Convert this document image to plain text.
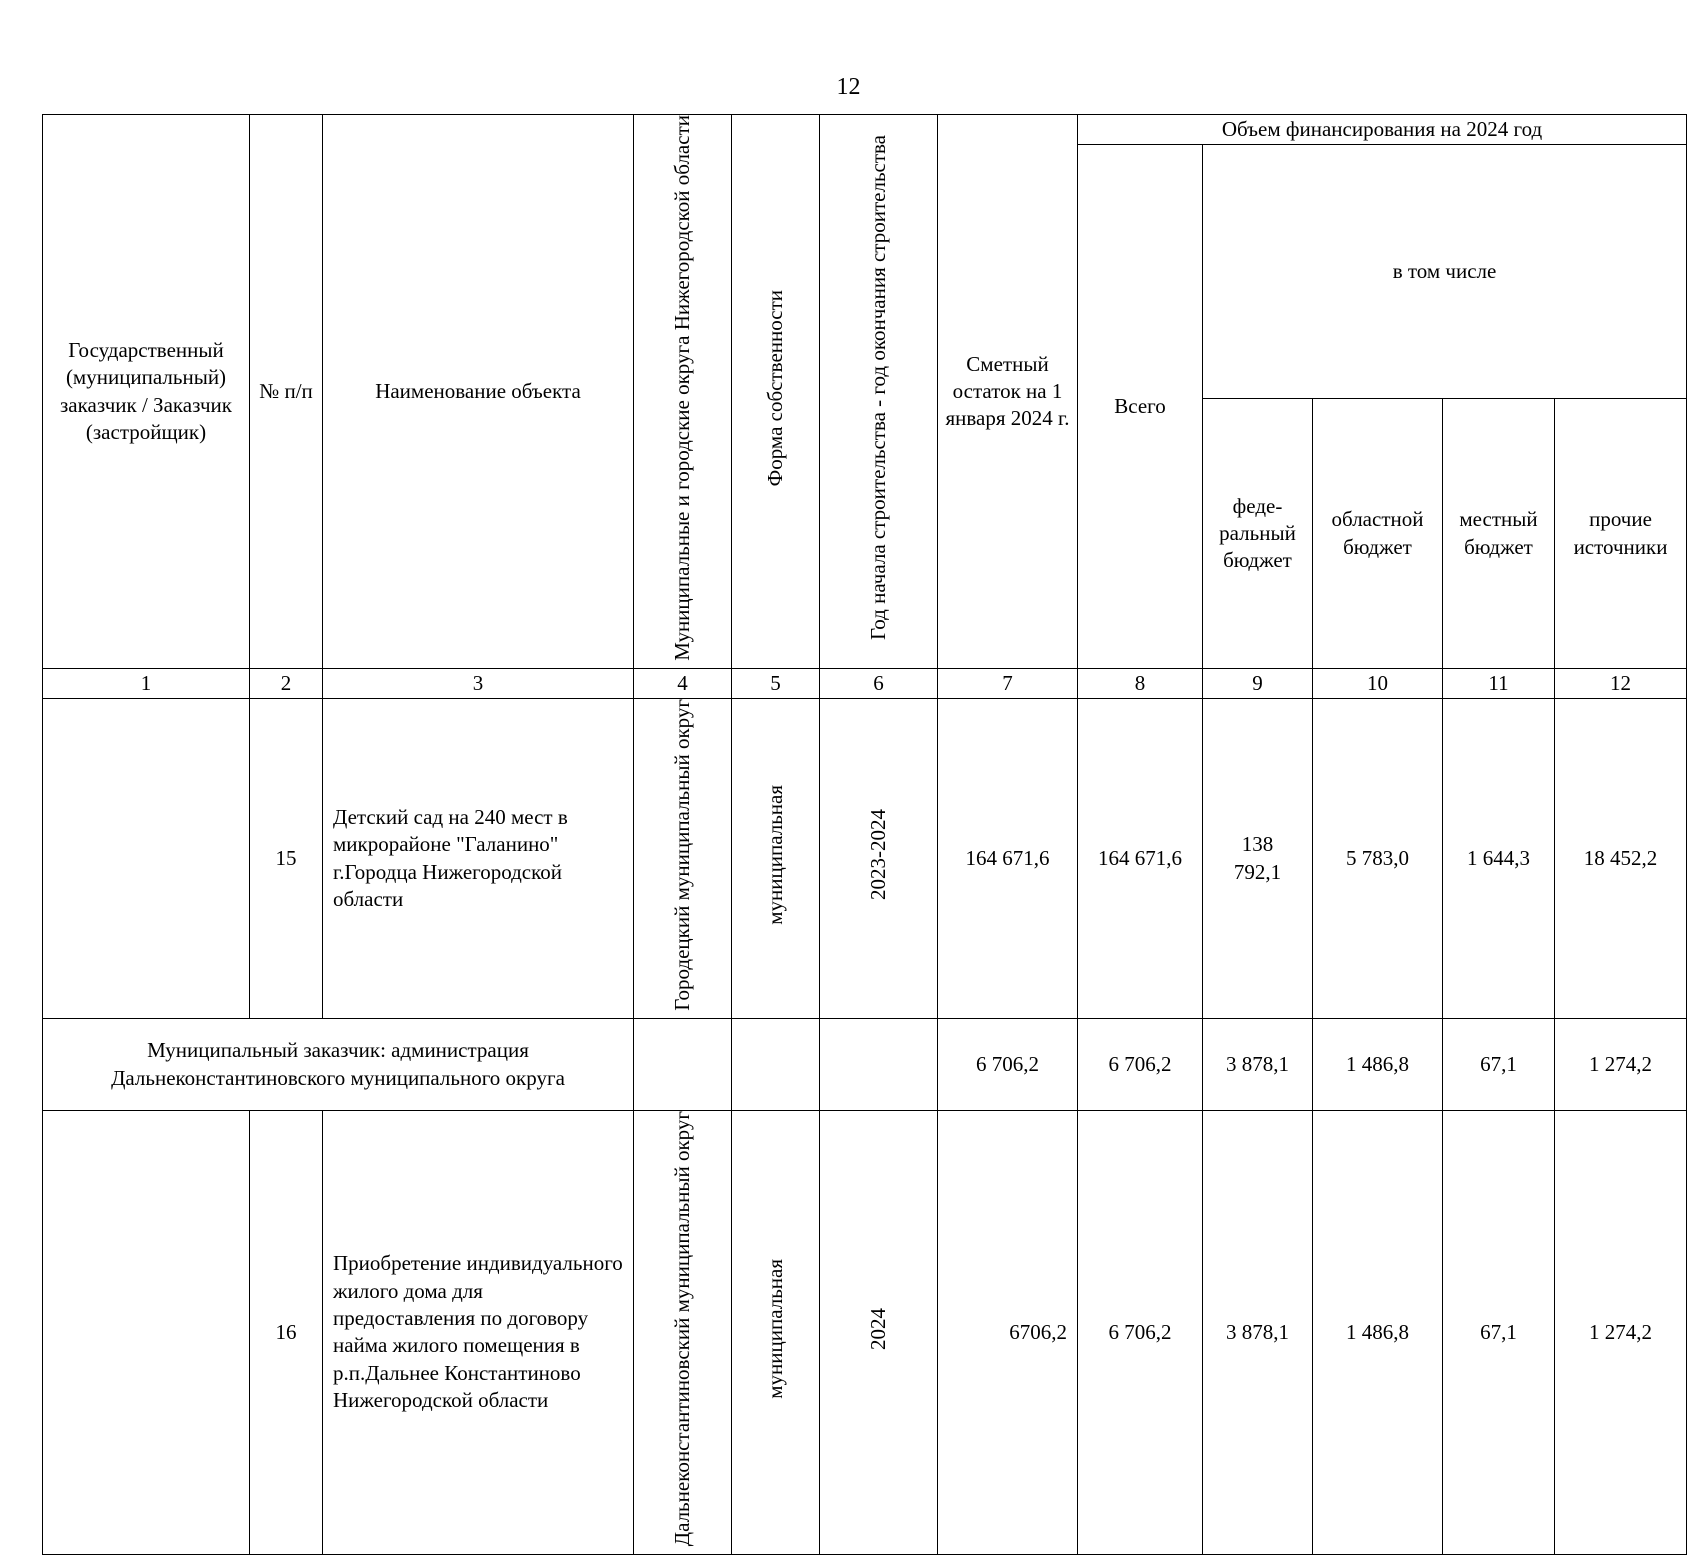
12
Государственный (муниципальный) заказчик / Заказчик (застройщик)	№ п/п	Наименование объекта	Муниципальные и городские округа Нижегородской области	Форма собственности	Год начала строительства - год окончания строительства	Сметный остаток на 1 января 2024 г.	Объем финансирования на 2024 год				
							Всего	в том числе			
								феде-ральный бюджет	областной бюджет	местный бюджет	прочие источники
1	2	3	4	5	6	7	8	9	10	11	12
	15	Детский сад на 240 мест в микрорайоне "Галанино" г.Городца Нижегородской области	Городецкий муниципальный округ	муниципальная	2023-2024	164 671,6	164 671,6	138 792,1	5 783,0	1 644,3	18 452,2
Муниципальный заказчик: администрация Дальнеконстантиновского муниципального округа						6 706,2	6 706,2	3 878,1	1 486,8	67,1	1 274,2
	16	Приобретение индивидуального жилого дома для предоставления по договору найма жилого помещения в р.п.Дальнее Константиново Нижегородской области	Дальнеконстантиновский муниципальный округ	муниципальная	2024	6706,2	6 706,2	3 878,1	1 486,8	67,1	1 274,2
